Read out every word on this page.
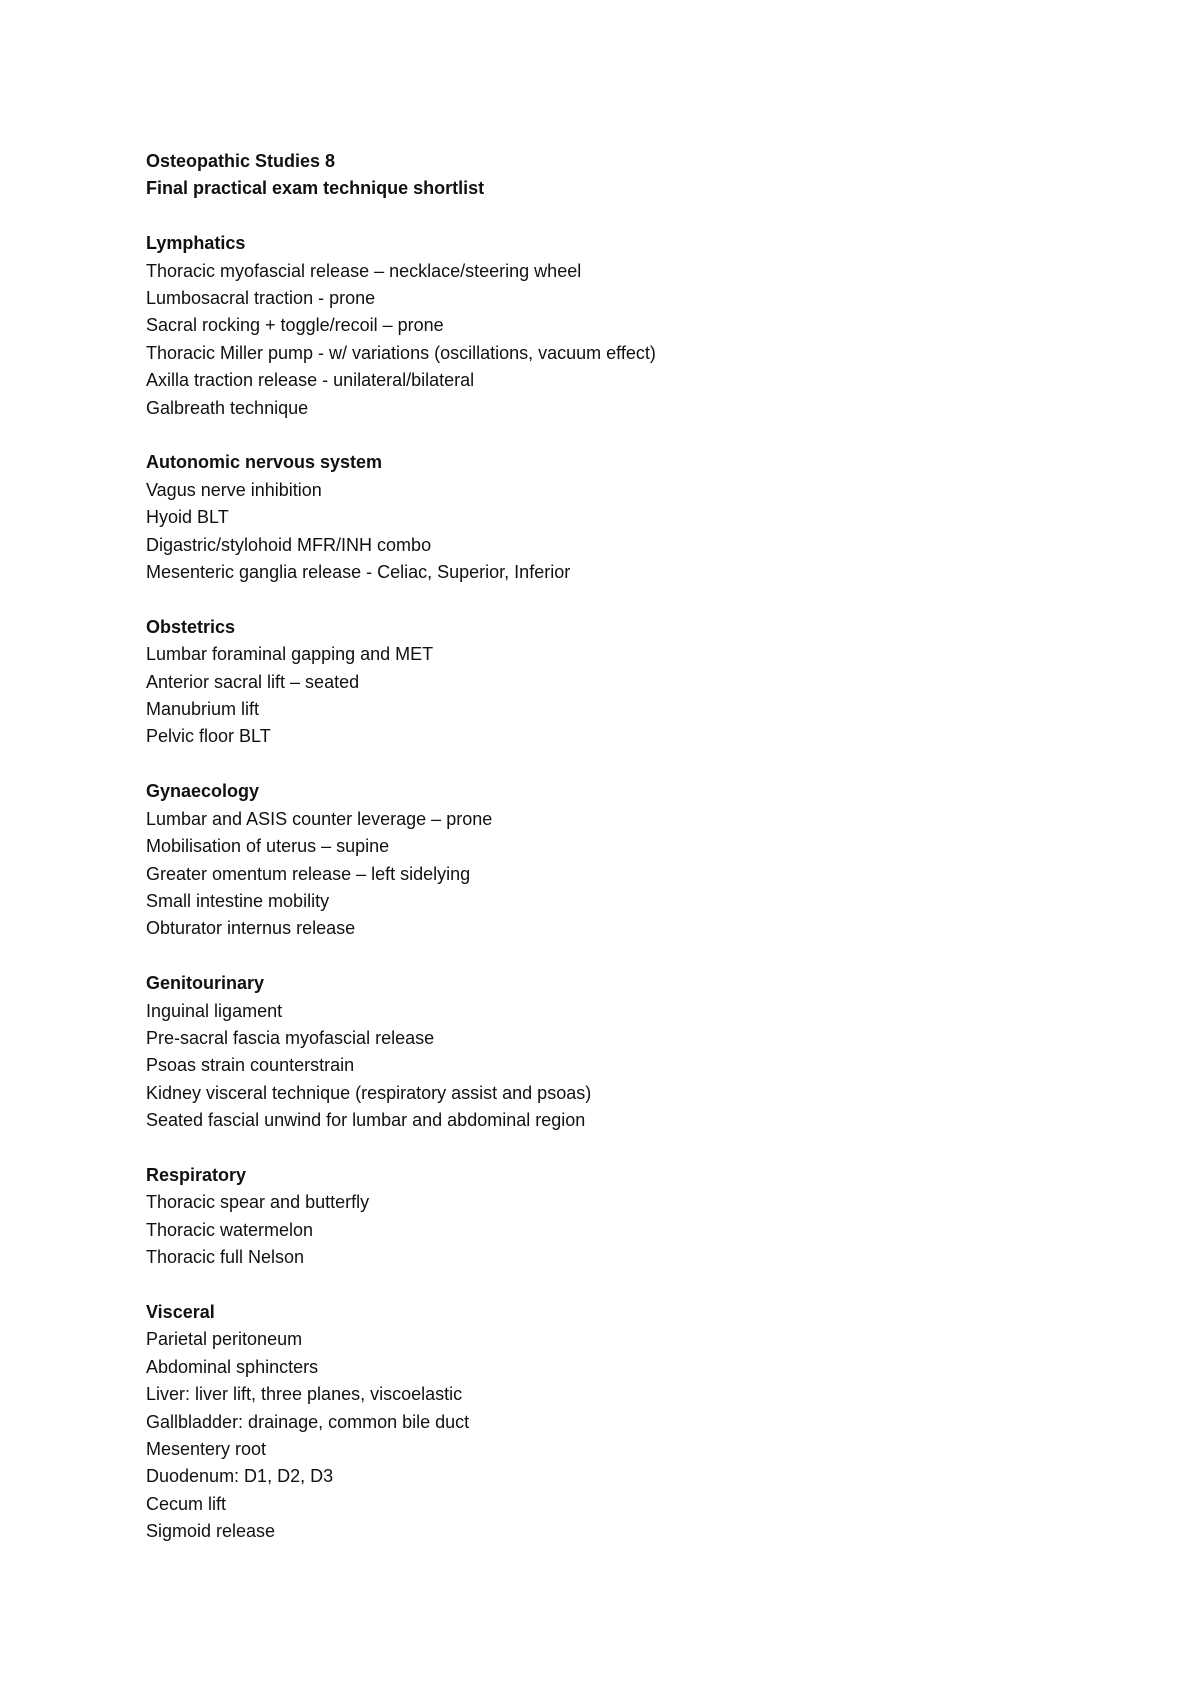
Osteopathic Studies 8
Final practical exam technique shortlist
Lymphatics
Thoracic myofascial release – necklace/steering wheel
Lumbosacral traction - prone
Sacral rocking + toggle/recoil – prone
Thoracic Miller pump - w/ variations (oscillations, vacuum effect)
Axilla traction release - unilateral/bilateral
Galbreath technique
Autonomic nervous system
Vagus nerve inhibition
Hyoid BLT
Digastric/stylohoid MFR/INH combo
Mesenteric ganglia release - Celiac, Superior, Inferior
Obstetrics
Lumbar foraminal gapping and MET
Anterior sacral lift – seated
Manubrium lift
Pelvic floor BLT
Gynaecology
Lumbar and ASIS counter leverage – prone
Mobilisation of uterus – supine
Greater omentum release – left sidelying
Small intestine mobility
Obturator internus release
Genitourinary
Inguinal ligament
Pre-sacral fascia myofascial release
Psoas strain counterstrain
Kidney visceral technique (respiratory assist and psoas)
Seated fascial unwind for lumbar and abdominal region
Respiratory
Thoracic spear and butterfly
Thoracic watermelon
Thoracic full Nelson
Visceral
Parietal peritoneum
Abdominal sphincters
Liver: liver lift, three planes, viscoelastic
Gallbladder: drainage, common bile duct
Mesentery root
Duodenum: D1, D2, D3
Cecum lift
Sigmoid release
